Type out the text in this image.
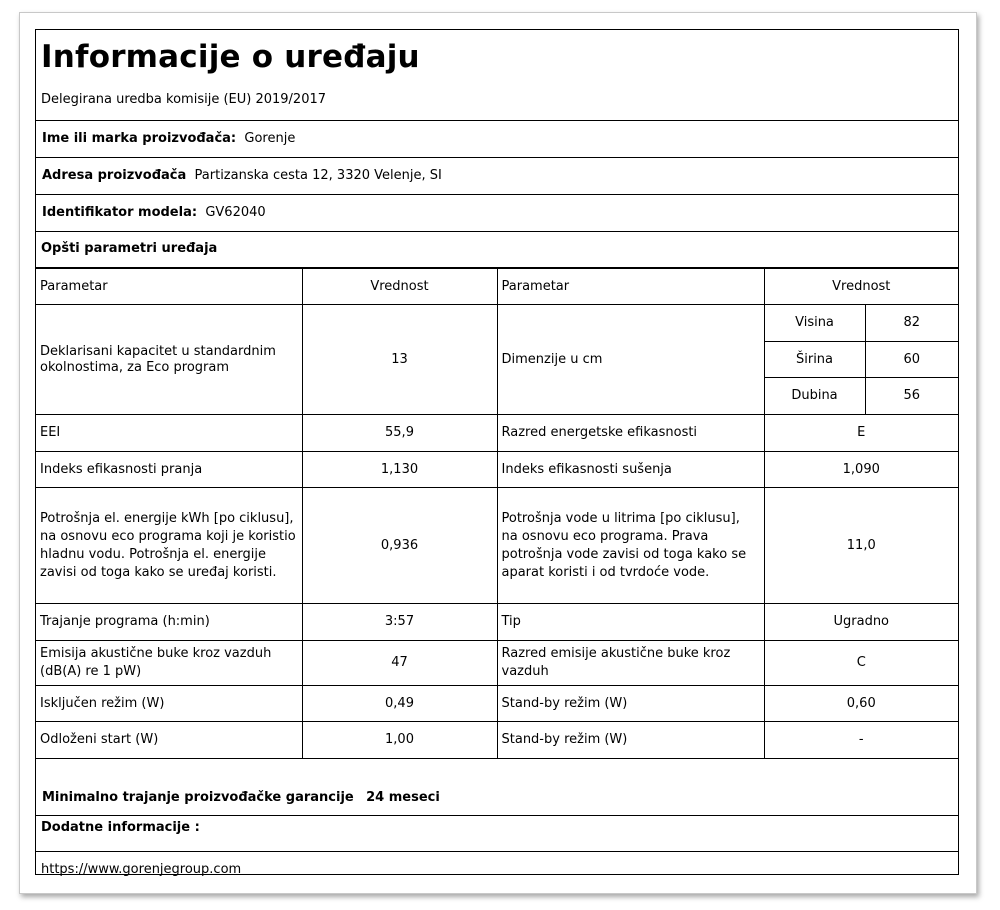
Informacije o uređaju
Delegirana uredba komisije (EU) 2019/2017
Ime ili marka proizvođača: Gorenje
Adresa proizvođača Partizanska cesta 12, 3320 Velenje, SI
Identifikator modela: GV62040
Opšti parametri uređaja
Parametar	Vrednost	Parametar	Vrednost	
Deklarisani kapacitet u standardnim okolnostima, za Eco program	13	Dimenzije u cm	Visina	82
			Širina	60
			Dubina	56
EEI	55,9	Razred energetske efikasnosti	E	
Indeks efikasnosti pranja	1,130	Indeks efikasnosti sušenja	1,090	
Potrošnja el. energije kWh [po ciklusu], na osnovu eco programa koji je koristio hladnu vodu. Potrošnja el. energije zavisi od toga kako se uređaj koristi.	0,936	Potrošnja vode u litrima [po ciklusu], na osnovu eco programa. Prava potrošnja vode zavisi od toga kako se aparat koristi i od tvrdoće vode.	11,0	
Trajanje programa (h:min)	3:57	Tip	Ugradno	
Emisija akustične buke kroz vazduh (dB(A) re 1 pW)	47	Razred emisije akustične buke kroz vazduh	C	
Isključen režim (W)	0,49	Stand-by režim (W)	0,60	
Odloženi start (W)	1,00	Stand-by režim (W)	-	
Minimalno trajanje proizvođačke garancije 24 meseci
Dodatne informacije :
https://www.gorenjegroup.com
